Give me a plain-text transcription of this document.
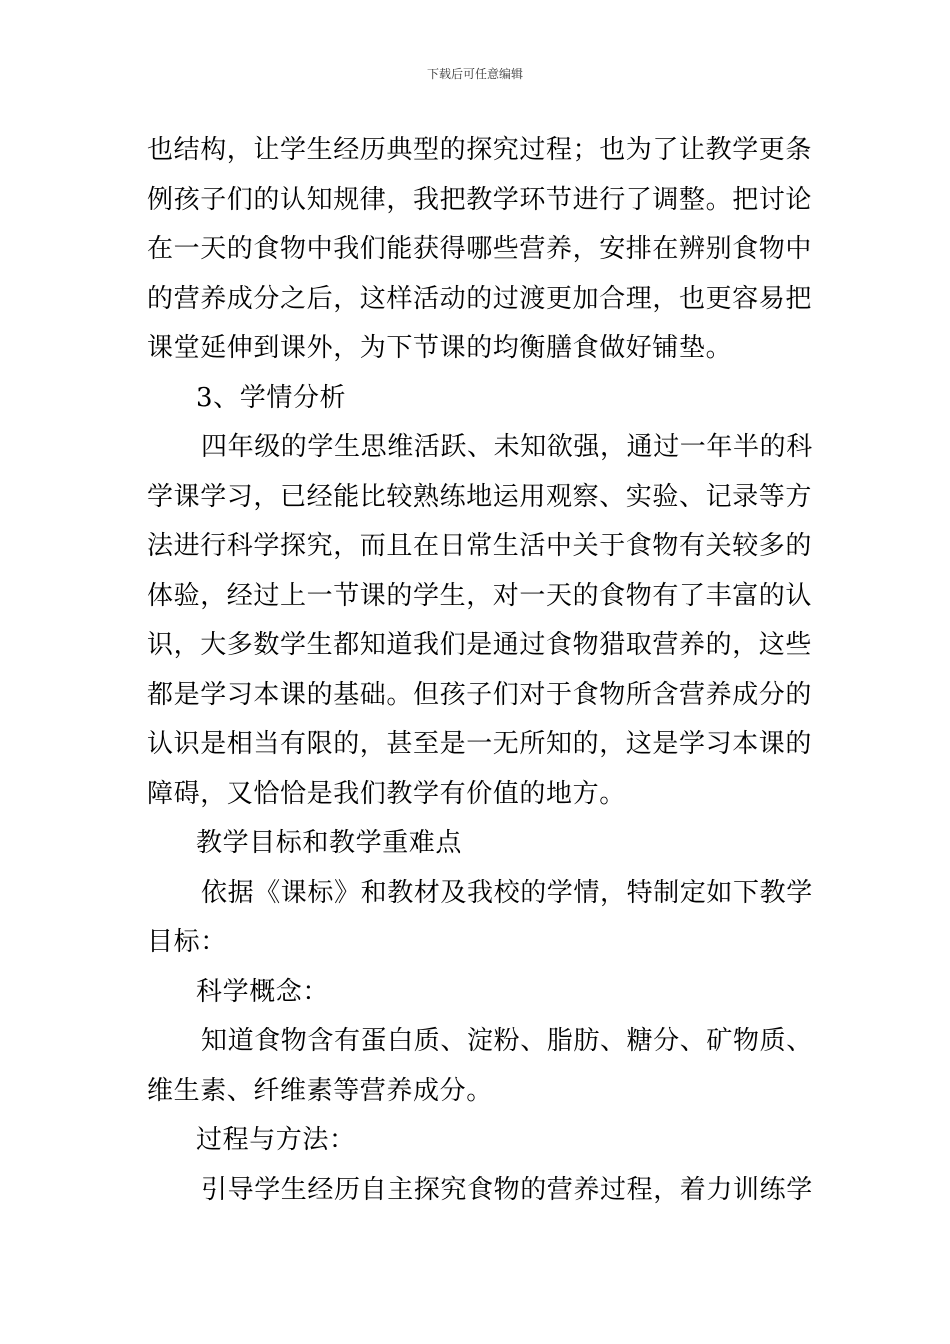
下载后可任意编辑
也结构，让学生经历典型的探究过程；也为了让教学更条
例孩子们的认知规律，我把教学环节进行了调整。把讨论
在一天的食物中我们能获得哪些营养，安排在辨别食物中
的营养成分之后，这样活动的过渡更加合理，也更容易把
课堂延伸到课外，为下节课的均衡膳食做好铺垫。
3、学情分析
四年级的学生思维活跃、未知欲强，通过一年半的科
学课学习，已经能比较熟练地运用观察、实验、记录等方
法进行科学探究，而且在日常生活中关于食物有关较多的
体验，经过上一节课的学生，对一天的食物有了丰富的认
识，大多数学生都知道我们是通过食物猎取营养的，这些
都是学习本课的基础。但孩子们对于食物所含营养成分的
认识是相当有限的，甚至是一无所知的，这是学习本课的
障碍，又恰恰是我们教学有价值的地方。
教学目标和教学重难点
依据《课标》和教材及我校的学情，特制定如下教学
目标：
科学概念：
知道食物含有蛋白质、淀粉、脂肪、糖分、矿物质、
维生素、纤维素等营养成分。
过程与方法：
引导学生经历自主探究食物的营养过程，着力训练学
